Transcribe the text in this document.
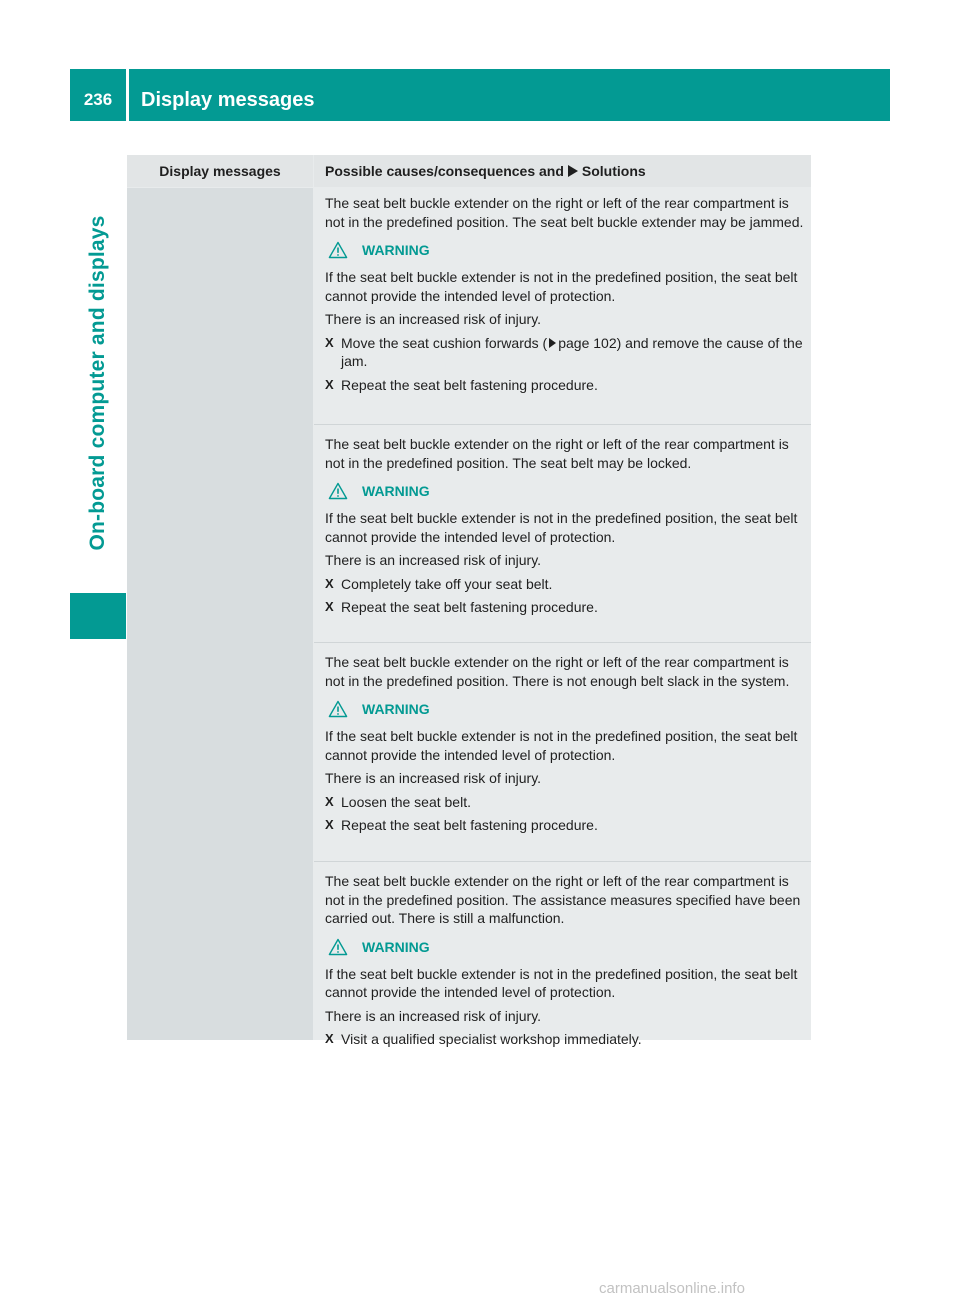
236	Display messages
On-board computer and displays
Display messages	Possible causes/consequences and Solutions

The seat belt buckle extender on the right or left of the rear compartment is not in the predefined position. The seat belt buckle extender may be jammed.

WARNING

If the seat belt buckle extender is not in the predefined position, the seat belt cannot provide the intended level of protection.

There is an increased risk of injury.

X Move the seat cushion forwards ( page 102) and remove the cause of the jam.
X Repeat the seat belt fastening procedure.

The seat belt buckle extender on the right or left of the rear compartment is not in the predefined position. The seat belt may be locked.

WARNING

If the seat belt buckle extender is not in the predefined position, the seat belt cannot provide the intended level of protection.

There is an increased risk of injury.

X Completely take off your seat belt.
X Repeat the seat belt fastening procedure.

The seat belt buckle extender on the right or left of the rear compartment is not in the predefined position. There is not enough belt slack in the system.

WARNING

If the seat belt buckle extender is not in the predefined position, the seat belt cannot provide the intended level of protection.

There is an increased risk of injury.

X Loosen the seat belt.
X Repeat the seat belt fastening procedure.

The seat belt buckle extender on the right or left of the rear compartment is not in the predefined position. The assistance measures specified have been carried out. There is still a malfunction.

WARNING

If the seat belt buckle extender is not in the predefined position, the seat belt cannot provide the intended level of protection.

There is an increased risk of injury.

X Visit a qualified specialist workshop immediately.
carmanualsonline.info
